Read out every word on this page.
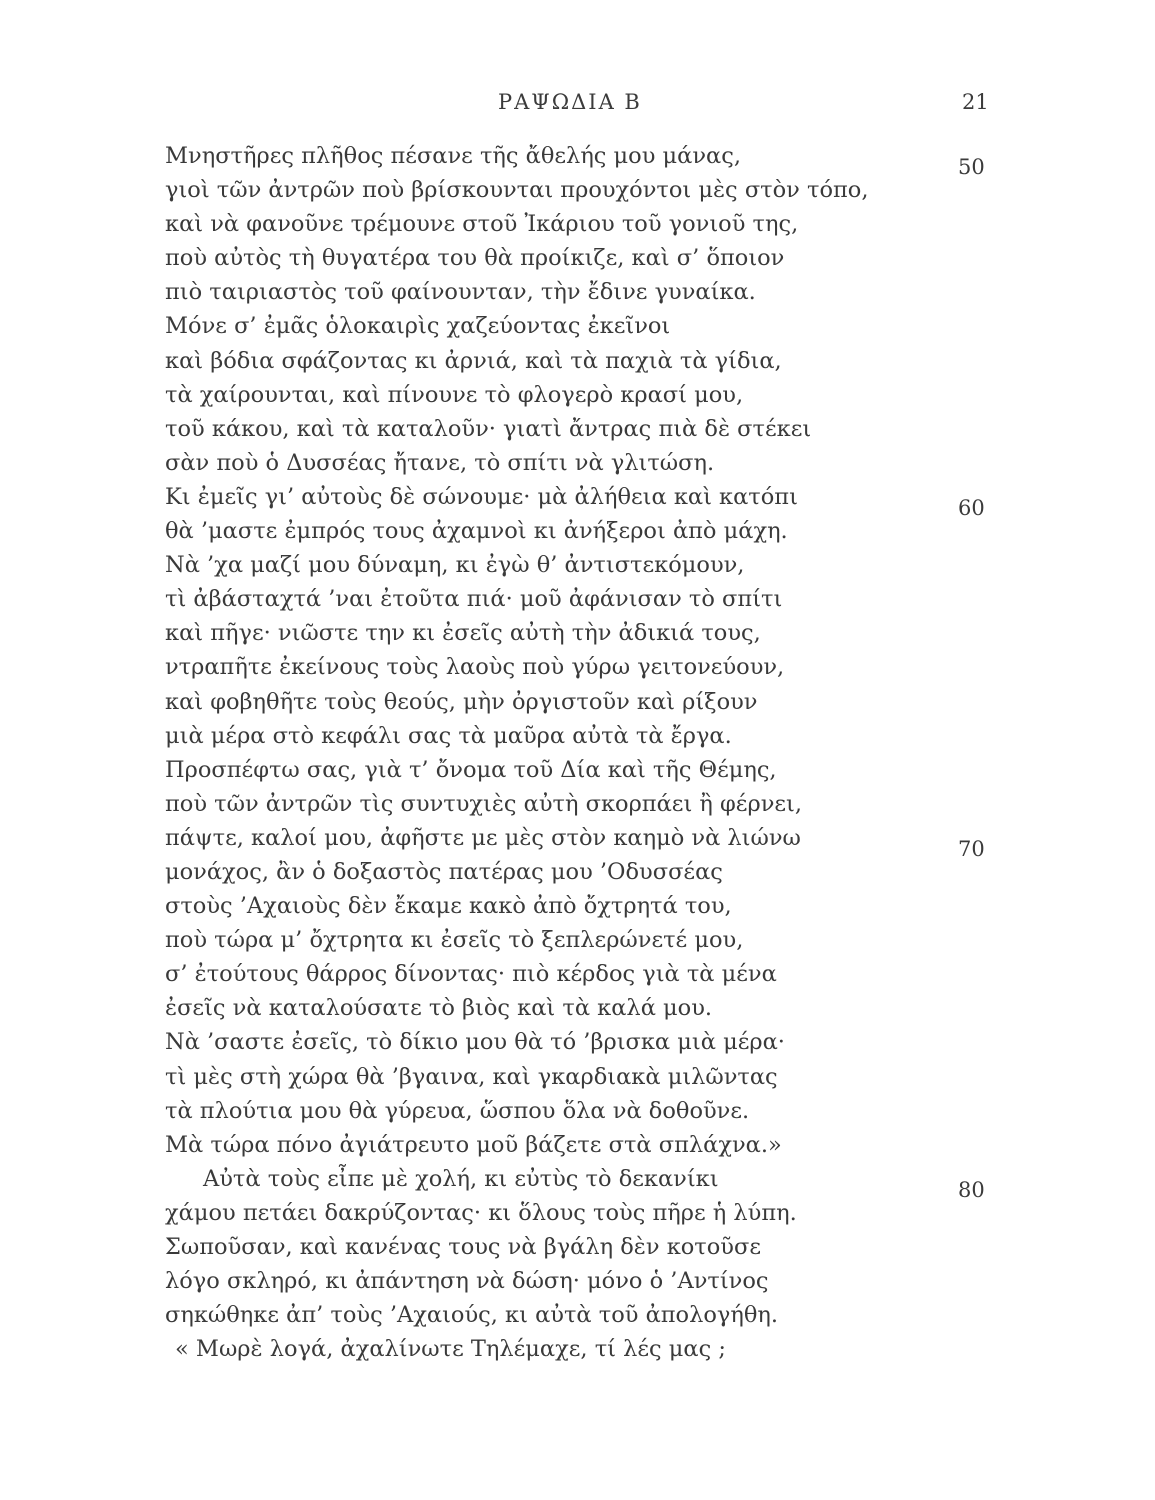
ΡΑΨΩΔΙΑ Β	21
Μνηστῆρες πλῆθος πέσανε τῆς ἄθελής μου μάνας,
γιοὶ τῶν ἀντρῶν ποὺ βρίσκουνται προυχόντοι μὲς στὸν τόπο,
καὶ νὰ φανοῦνε τρέμουνε στοῦ Ἰκάριου τοῦ γονιοῦ της,
ποὺ αὐτὸς τὴ θυγατέρα του θὰ προίκιζε, καὶ σ’ ὅποιον
πιὸ ταιριαστὸς τοῦ φαίνουνταν, τὴν ἔδινε γυναίκα.
Μόνε σ’ ἐμᾶς ὁλοκαιρὶς χαζεύοντας ἐκεῖνοι
καὶ βόδια σφάζοντας κι ἀρνιά, καὶ τὰ παχιὰ τὰ γίδια,
τὰ χαίρουνται, καὶ πίνουνε τὸ φλογερὸ κρασί μου,
τοῦ κάκου, καὶ τὰ καταλοῦν· γιατὶ ἄντρας πιὰ δὲ στέκει
σὰν ποὺ ὁ Δυσσέας ἤτανε, τὸ σπίτι νὰ γλιτώση.
Κι ἐμεῖς γι’ αὐτοὺς δὲ σώνουμε· μὰ ἀλήθεια καὶ κατόπι
θὰ ’μαστε ἐμπρός τους ἀχαμνοὶ κι ἀνήξεροι ἀπὸ μάχη.
Νὰ ’χα μαζί μου δύναμη, κι ἐγὼ θ’ ἀντιστεκόμουν,
τὶ ἀβάσταχτά ’ναι ἐτοῦτα πιά· μοῦ ἀφάνισαν τὸ σπίτι
καὶ πῆγε· νιῶστε την κι ἐσεῖς αὐτὴ τὴν ἀδικιά τους,
ντραπῆτε ἐκείνους τοὺς λαοὺς ποὺ γύρω γειτονεύουν,
καὶ φοβηθῆτε τοὺς θεούς, μὴν ὀργιστοῦν καὶ ρίξουν
μιὰ μέρα στὸ κεφάλι σας τὰ μαῦρα αὐτὰ τὰ ἔργα.
Προσπέφτω σας, γιὰ τ’ ὄνομα τοῦ Δία καὶ τῆς Θέμης,
ποὺ τῶν ἀντρῶν τὶς συντυχιὲς αὐτὴ σκορπάει ἢ φέρνει,
πάψτε, καλοί μου, ἀφῆστε με μὲς στὸν καημὸ νὰ λιώνω
μονάχος, ἂν ὁ δοξαστὸς πατέρας μου ’Οδυσσέας
στοὺς ’Αχαιοὺς δὲν ἔκαμε κακὸ ἀπὸ ὄχτρητά του,
ποὺ τώρα μ’ ὄχτρητα κι ἐσεῖς τὸ ξεπλερώνετέ μου,
σ’ ἐτούτους θάρρος δίνοντας· πιὸ κέρδος γιὰ τὰ μένα
ἐσεῖς νὰ καταλούσατε τὸ βιὸς καὶ τὰ καλά μου.
Νὰ ’σαστε ἐσεῖς, τὸ δίκιο μου θὰ τό ’βρισκα μιὰ μέρα·
τὶ μὲς στὴ χώρα θὰ ’βγαινα, καὶ γκαρδιακὰ μιλῶντας
τὰ πλούτια μου θὰ γύρευα, ὥσπου ὅλα νὰ δοθοῦνε.
Μὰ τώρα πόνο ἀγιάτρευτο μοῦ βάζετε στὰ σπλάχνα.»
Αὐτὰ τοὺς εἶπε μὲ χολή, κι εὐτὺς τὸ δεκανίκι
χάμου πετάει δακρύζοντας· κι ὅλους τοὺς πῆρε ἡ λύπη.
Σωποῦσαν, καὶ κανένας τους νὰ βγάλη δὲν κοτοῦσε
λόγο σκληρό, κι ἀπάντηση νὰ δώση· μόνο ὁ ’Αντίνος
σηκώθηκε ἀπ’ τοὺς ’Αχαιούς, κι αὐτὰ τοῦ ἀπολογήθη.
« Μωρὲ λογά, ἀχαλίνωτε Τηλέμαχε, τί λές μας ;
50
60
70
80
